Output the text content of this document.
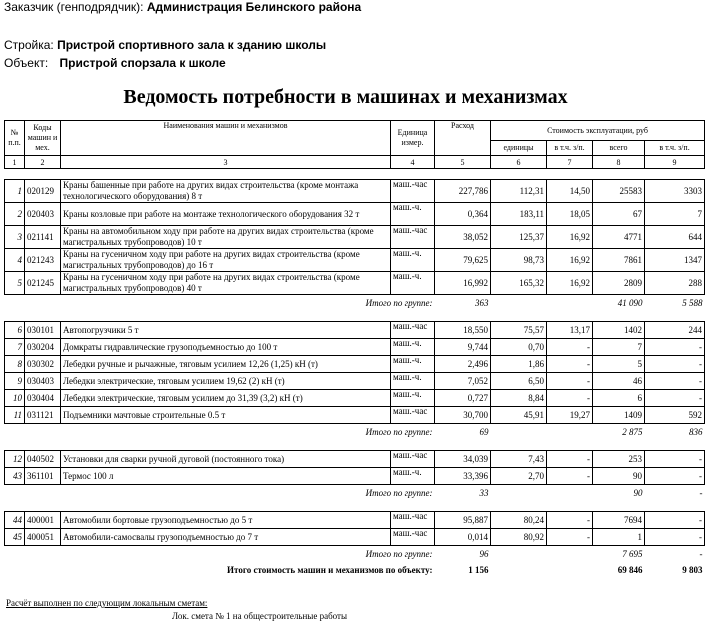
Заказчик (генподрядчик): Администрация Белинского района
Стройка: Пристрой спортивного зала к зданию школы
Объект: Пристрой спорзала к школе
Ведомость потребности в машинах и механизмах
№ п.п.	Коды машин и мех.	Наименования машин и механизмов	Единица измер.	Расход	Стоимость эксплуатации, руб			
					единицы	в т.ч. з/п.	всего	в т.ч. з/п.
1	2	3	4	5	6	7	8	9

1	020129	Краны башенные при работе на других видах строительства (кроме монтажа технологического оборудования) 8 т	маш.-час	227,786	112,31	14,50	25583	3303
2	020403	Краны козловые при работе на монтаже технологического оборудования 32 т	маш.-ч.	0,364	183,11	18,05	67	7
3	021141	Краны на автомобильном ходу при работе на других видах строительства (кроме магистральных трубопроводов) 10 т	маш.-час	38,052	125,37	16,92	4771	644
4	021243	Краны на гусеничном ходу при работе на других видах строительства (кроме магистральных трубопроводов) до 16 т	маш.-ч.	79,625	98,73	16,92	7861	1347
5	021245	Краны на гусеничном ходу при работе на других видах строительства (кроме магистральных трубопроводов) 40 т	маш.-ч.	16,992	165,32	16,92	2809	288
Итого по группе:				363			41 090	5 588

6	030101	Автопогрузчики 5 т	маш.-час	18,550	75,57	13,17	1402	244
7	030204	Домкраты гидравлические грузоподъемностью до 100 т	маш.-ч.	9,744	0,70	-	7	-
8	030302	Лебедки ручные и рычажные, тяговым усилием 12,26 (1,25) кН (т)	маш.-ч.	2,496	1,86	-	5	-
9	030403	Лебедки электрические, тяговым усилием 19,62 (2) кН (т)	маш.-ч.	7,052	6,50	-	46	-
10	030404	Лебедки электрические, тяговым усилием до 31,39 (3,2) кН (т)	маш.-ч.	0,727	8,84	-	6	-
11	031121	Подъемники мачтовые строительные 0.5 т	маш.-час	30,700	45,91	19,27	1409	592
Итого по группе:				69			2 875	836

12	040502	Установки для сварки ручной дуговой (постоянного тока)	маш.-час	34,039	7,43	-	253	-
43	361101	Термос 100 л	маш.-ч.	33,396	2,70	-	90	-
Итого по группе:				33			90	-

44	400001	Автомобили бортовые грузоподъемностью до 5 т	маш.-час	95,887	80,24	-	7694	-
45	400051	Автомобили-самосвалы грузоподъемностью до 7 т	маш.-час	0,014	80,92	-	1	-
Итого по группе:				96			7 695	-
Итого стоимость машин и механизмов по объекту:				1 156			69 846	9 803
Расчёт выполнен по следующим локальным сметам:
Лок. смета № 1 на общестроительные работы
